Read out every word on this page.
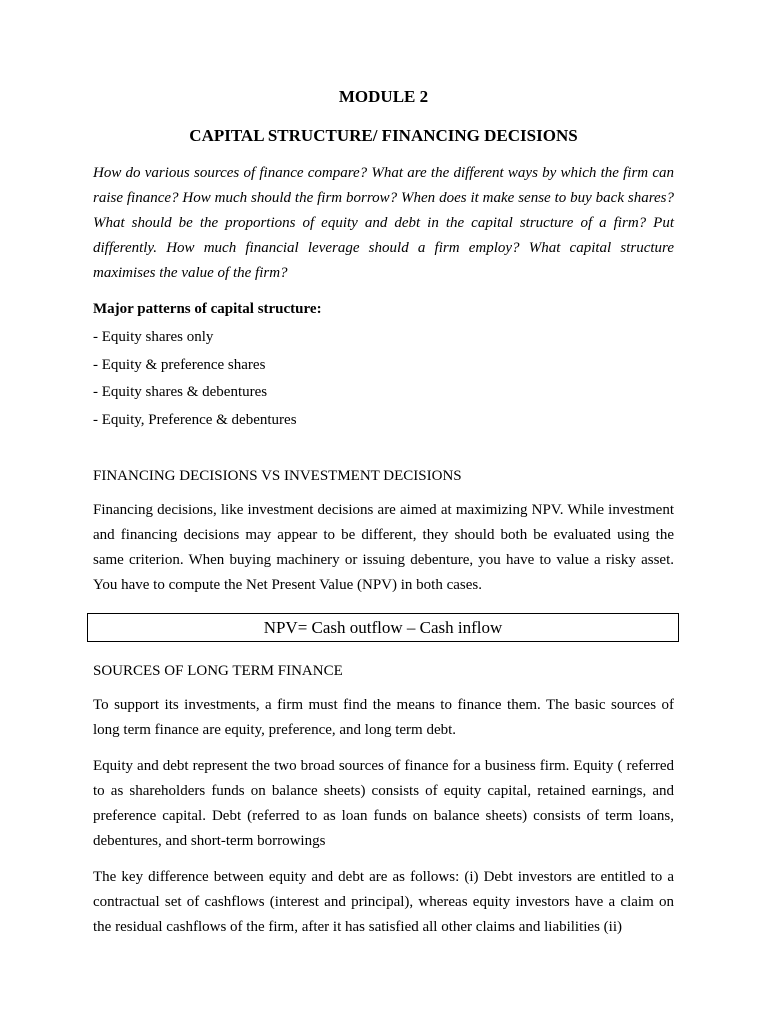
MODULE 2
CAPITAL STRUCTURE/ FINANCING DECISIONS

How do various sources of finance compare? What are the different ways by which the firm can raise finance? How much should the firm borrow? When does it make sense to buy back shares? What should be the proportions of equity and debt in the capital structure of a firm? Put differently. How much financial leverage should a firm employ? What capital structure maximises the value of the firm?

Major patterns of capital structure:
- Equity shares only
- Equity & preference shares
- Equity shares & debentures
- Equity, Preference & debentures
FINANCING DECISIONS VS INVESTMENT DECISIONS

Financing decisions, like investment decisions are aimed at maximizing NPV. While investment and financing decisions may appear to be different, they should both be evaluated using the same criterion. When buying machinery or issuing debenture, you have to value a risky asset. You have to compute the Net Present Value (NPV) in both cases.

SOURCES OF LONG TERM FINANCE

To support its investments, a firm must find the means to finance them. The basic sources of long term finance are equity, preference, and long term debt.

Equity and debt represent the two broad sources of finance for a business firm. Equity ( referred to as shareholders funds on balance sheets) consists of equity capital, retained earnings, and preference capital. Debt (referred to as loan funds on balance sheets) consists of term loans, debentures, and short-term borrowings

The key difference between equity and debt are as follows: (i) Debt investors are entitled to a contractual set of cashflows (interest and principal), whereas equity investors have a claim on the residual cashflows of the firm, after it has satisfied all other claims and liabilities (ii)

NPV= Cash outflow – Cash inflow
